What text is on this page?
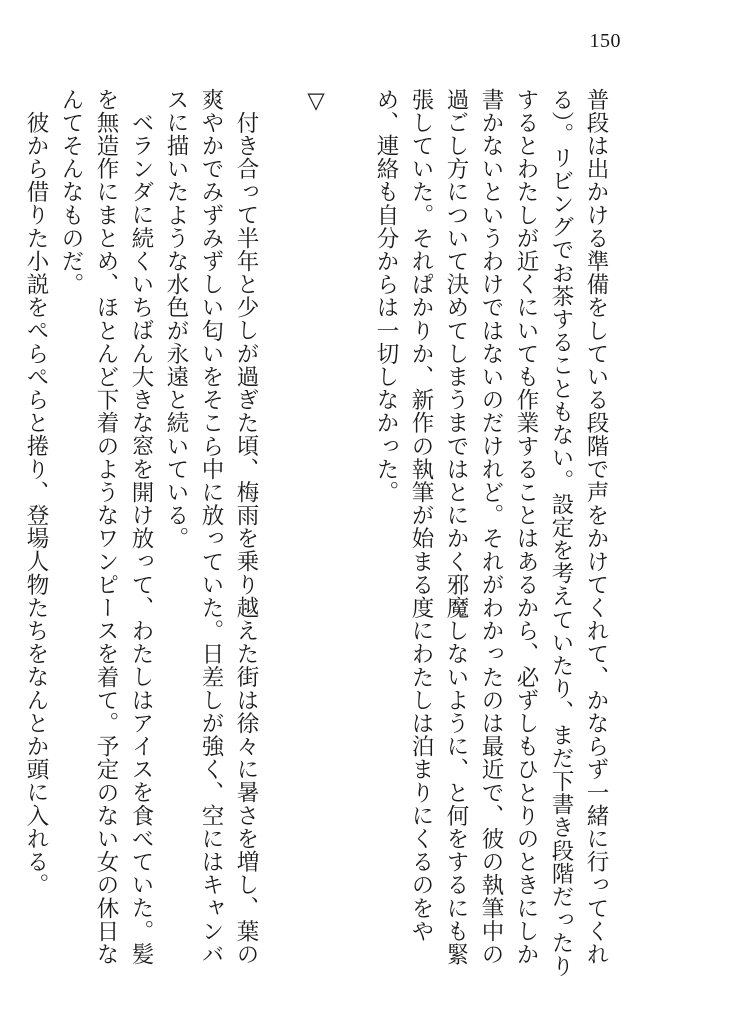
150

普段は出かける準備をしている段階で声をかけてくれて、かならず一緒に行ってくれる）。リビングでお茶することもない。設定を考えていたり、まだ下書き段階だったりするとわたしが近くにいても作業することはあるから、必ずしもひとりのときにしか書かないというわけではないのだけれど。それがわかったのは最近で、彼の執筆中の過ごし方について決めてしまうまではとにかく邪魔しないように、と何をするにも緊張していた。それぱかりか、新作の執筆が始まる度にわたしは泊まりにくるのをやめ、連絡も自分からは一切しなかった。

▽

付き合って半年と少しが過ぎた頃、梅雨を乗り越えた街は徐々に暑さを増し、葉の爽やかでみずみずしい匂いをそこら中に放っていた。日差しが強く、空にはキャンバスに描いたような水色が永遠と続いている。

ベランダに続くいちばん大きな窓を開け放って、わたしはアイスを食べていた。髪を無造作にまとめ、ほとんど下着のようなワンピースを着て。予定のない女の休日なんてそんなものだ。

彼から借りた小説をぺらぺらと捲り、登場人物たちをなんとか頭に入れる。
